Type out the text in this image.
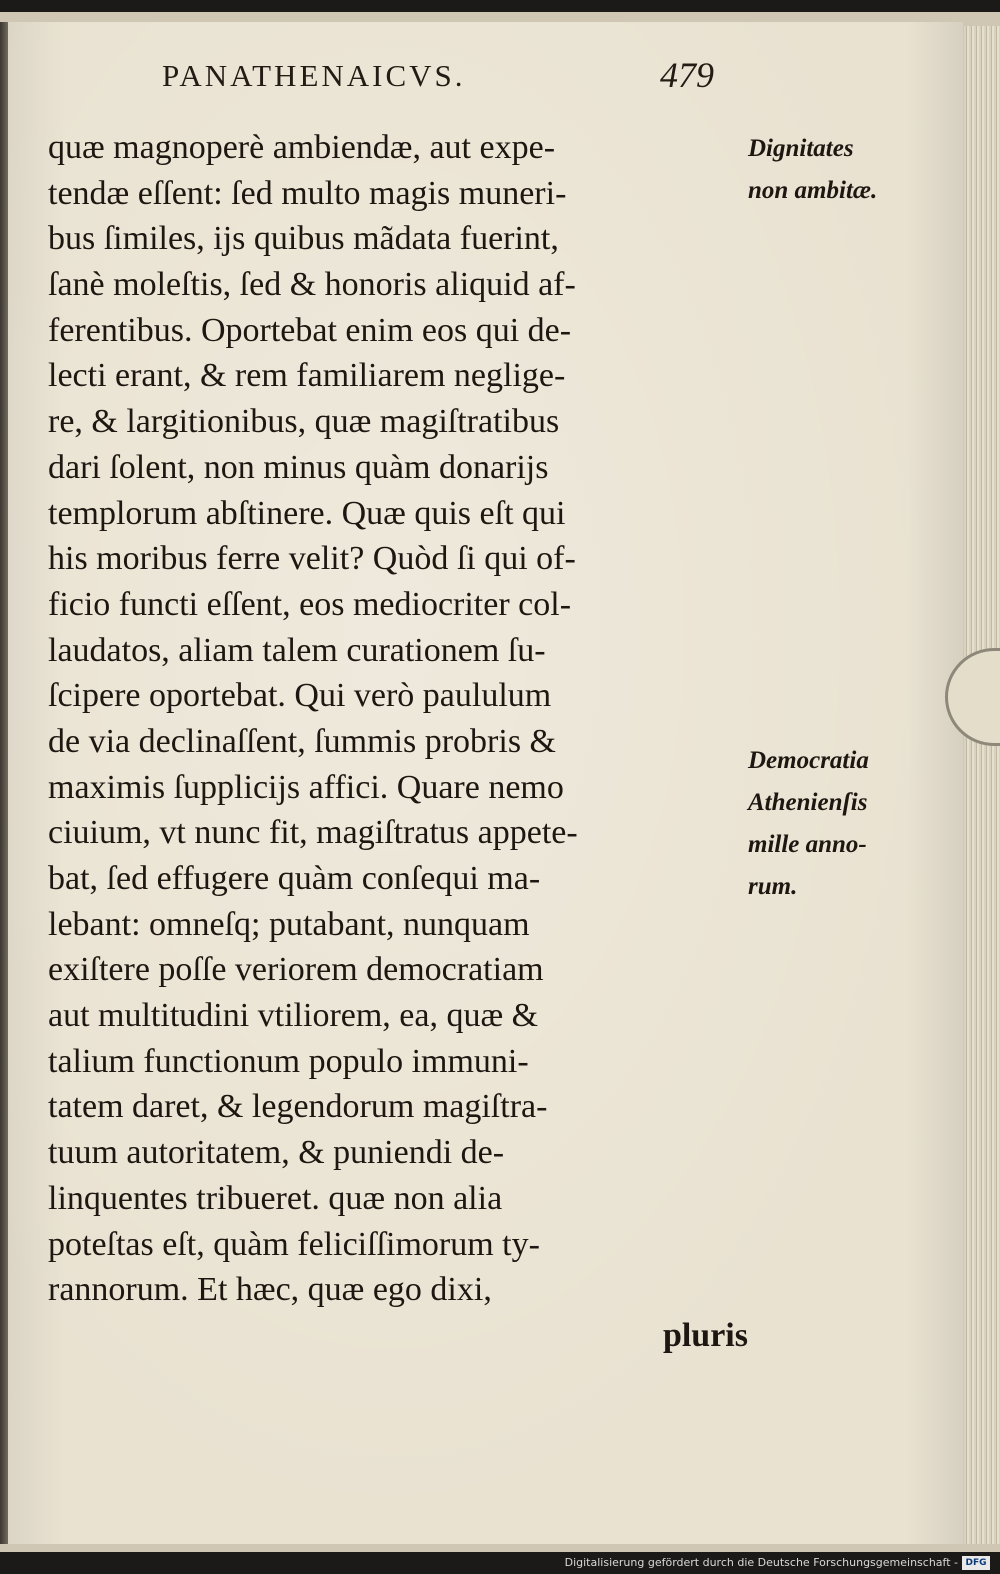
PANATHENAICVS.	479
quæ magnoperè ambiendæ, aut expe-
tendæ eſſent: ſed multo magis muneri-
bus ſimiles, ijs quibus mãdata fuerint,
ſanè moleſtis, ſed & honoris aliquid af-
ferentibus. Oportebat enim eos qui de-
lecti erant, & rem familiarem neglige-
re, & largitionibus, quæ magiſtratibus
dari ſolent, non minus quàm donarijs
templorum abſtinere. Quæ quis eſt qui
his moribus ferre velit? Quòd ſi qui of-
ficio functi eſſent, eos mediocriter col-
laudatos, aliam talem curationem ſu-
ſcipere oportebat. Qui verò paululum
de via declinaſſent, ſummis probris &
maximis ſupplicijs affici. Quare nemo
ciuium, vt nunc fit, magiſtratus appete-
bat, ſed effugere quàm conſequi ma-
lebant: omneſq; putabant, nunquam
exiſtere poſſe veriorem democratiam
aut multitudini vtiliorem, ea, quæ &
talium functionum populo immuni-
tatem daret, & legendorum magiſtra-
tuum autoritatem, & puniendi de-
linquentes tribueret. quæ non alia
poteſtas eſt, quàm feliciſſimorum ty-
rannorum. Et hæc, quæ ego dixi,
pluris
Dignitates
non ambitæ.
Democratia
Athenienſis
mille anno-
rum.
Digitalisierung gefördert durch die Deutsche Forschungsgemeinschaft - DFG
